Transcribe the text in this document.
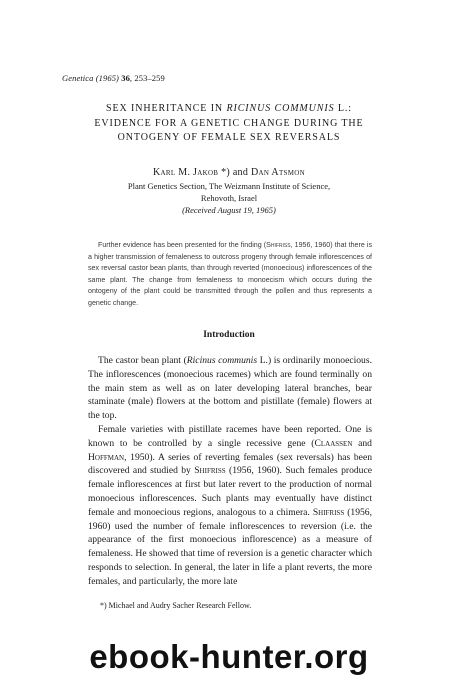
Genetica (1965) 36, 253–259
SEX INHERITANCE IN RICINUS COMMUNIS L.:
EVIDENCE FOR A GENETIC CHANGE DURING THE
ONTOGENY OF FEMALE SEX REVERSALS
Karl M. Jakob *) and Dan Atsmon
Plant Genetics Section, The Weizmann Institute of Science,
Rehovoth, Israel
(Received August 19, 1965)
Further evidence has been presented for the finding (Shifriss, 1956, 1960) that there is a higher transmission of femaleness to outcross progeny through female inflorescences of sex reversal castor bean plants, than through reverted (monoecious) inflorescences of the same plant. The change from femaleness to monoecism which occurs during the ontogeny of the plant could be transmitted through the pollen and thus represents a genetic change.
Introduction

The castor bean plant (Ricinus communis L.) is ordinarily monoecious. The inflorescences (monoecious racemes) which are found terminally on the main stem as well as on later developing lateral branches, bear staminate (male) flowers at the bottom and pistillate (female) flowers at the top.

Female varieties with pistillate racemes have been reported. One is known to be controlled by a single recessive gene (Claassen and Hoffman, 1950). A series of reverting females (sex reversals) has been discovered and studied by Shifriss (1956, 1960). Such females produce female inflorescences at first but later revert to the production of normal monoecious inflorescences. Such plants may eventually have distinct female and monoecious regions, analogous to a chimera. Shifriss (1956, 1960) used the number of female inflorescences to reversion (i.e. the appearance of the first monoecious inflorescence) as a measure of femaleness. He showed that time of reversion is a genetic character which responds to selection. In general, the later in life a plant reverts, the more females, and particularly, the more late

*) Michael and Audry Sacher Research Fellow.
ebook-hunter.org
